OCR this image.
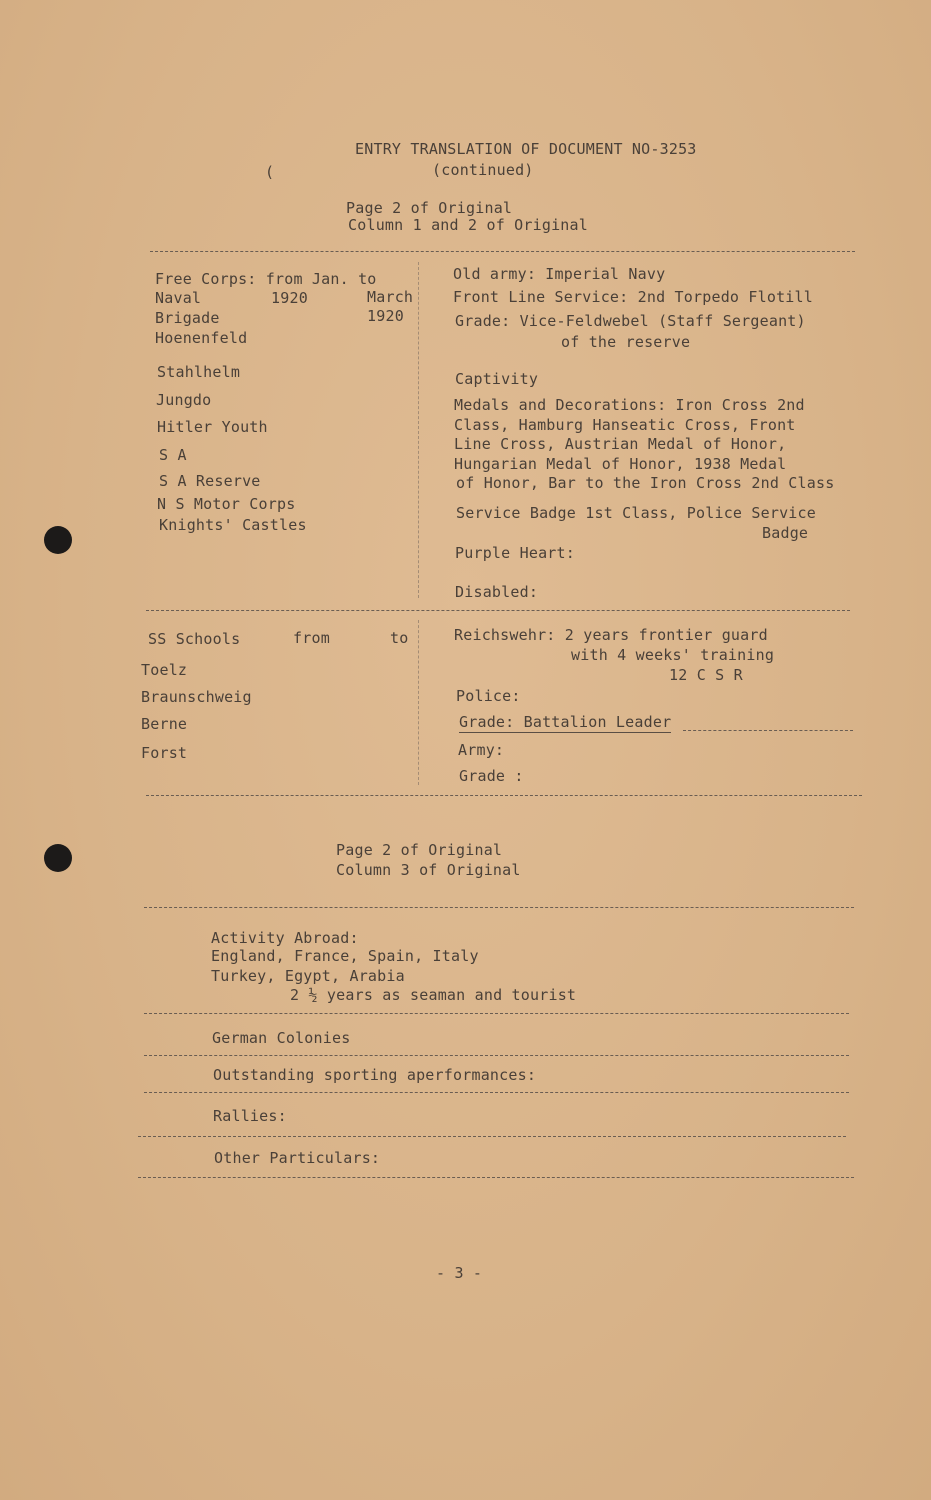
ENTRY TRANSLATION OF DOCUMENT NO-3253
(	(continued)
Page 2 of Original
Column 1 and 2 of Original
Free Corps: from Jan. to
Naval	1920	March
Brigade	1920
Hoenenfeld
Stahlhelm
Jungdo
Hitler Youth
S A
S A Reserve
N S Motor Corps
Knights' Castles
Old army: Imperial Navy
Front Line Service: 2nd Torpedo Flotill
Grade: Vice-Feldwebel (Staff Sergeant)
of the reserve
Captivity
Medals and Decorations: Iron Cross 2nd
Class, Hamburg Hanseatic Cross, Front
Line Cross, Austrian Medal of Honor,
Hungarian Medal of Honor, 1938 Medal
of Honor, Bar to the Iron Cross 2nd Class
Service Badge 1st Class, Police Service
Badge
Purple Heart:
Disabled:
SS Schools	from	to
Toelz
Braunschweig
Berne
Forst
Reichswehr: 2 years frontier guard
with 4 weeks' training
12 C S R
Police:
Grade: Battalion Leader
Army:
Grade :
Page 2 of Original
Column 3 of Original
Activity Abroad:
England, France, Spain, Italy
Turkey, Egypt, Arabia
2 ½ years as seaman and tourist
German Colonies
Outstanding sporting aperformances:
Rallies:
Other Particulars:
- 3 -
